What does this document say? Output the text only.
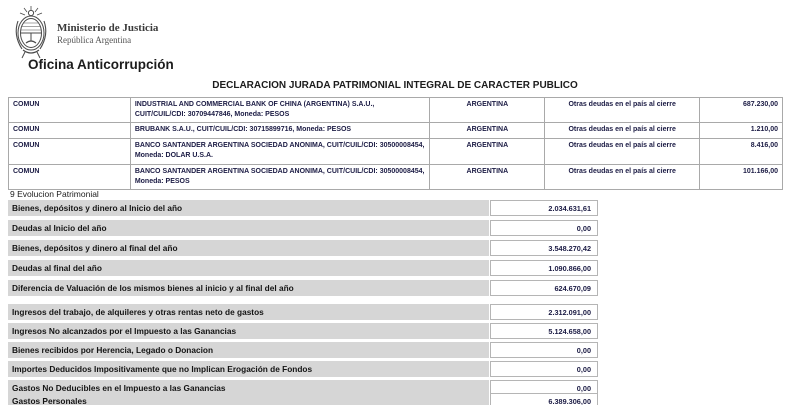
Ministerio de Justicia
República Argentina
Oficina Anticorrupción
DECLARACION JURADA PATRIMONIAL INTEGRAL DE CARACTER PUBLICO
COMUN	INDUSTRIAL AND COMMERCIAL BANK OF CHINA (ARGENTINA) S.A.U., CUIT/CUIL/CDI: 30709447846, Moneda: PESOS	ARGENTINA	Otras deudas en el país al cierre	687.230,00
COMUN	BRUBANK S.A.U., CUIT/CUIL/CDI: 30715899716, Moneda: PESOS	ARGENTINA	Otras deudas en el país al cierre	1.210,00
COMUN	BANCO SANTANDER ARGENTINA SOCIEDAD ANONIMA, CUIT/CUIL/CDI: 30500008454, Moneda: DOLAR U.S.A.	ARGENTINA	Otras deudas en el país al cierre	8.416,00
COMUN	BANCO SANTANDER ARGENTINA SOCIEDAD ANONIMA, CUIT/CUIL/CDI: 30500008454, Moneda: PESOS	ARGENTINA	Otras deudas en el país al cierre	101.166,00
9 Evolucion Patrimonial
Bienes, depósitos y dinero al Inicio del año	2.034.631,61
Deudas al Inicio del año	0,00
Bienes, depósitos y dinero al final del año	3.548.270,42
Deudas al final del año	1.090.866,00
Diferencia de Valuación de los mismos bienes al inicio y al final del año	624.670,09
Ingresos del trabajo, de alquileres y otras rentas neto de gastos	2.312.091,00
Ingresos No alcanzados por el Impuesto a las Ganancias	5.124.658,00
Bienes recibidos por Herencia, Legado o Donacion	0,00
Importes Deducidos Impositivamente que no Implican Erogación de Fondos	0,00
Gastos No Deducibles en el Impuesto a las Ganancias	0,00
Gastos Personales	6.389.306,00
